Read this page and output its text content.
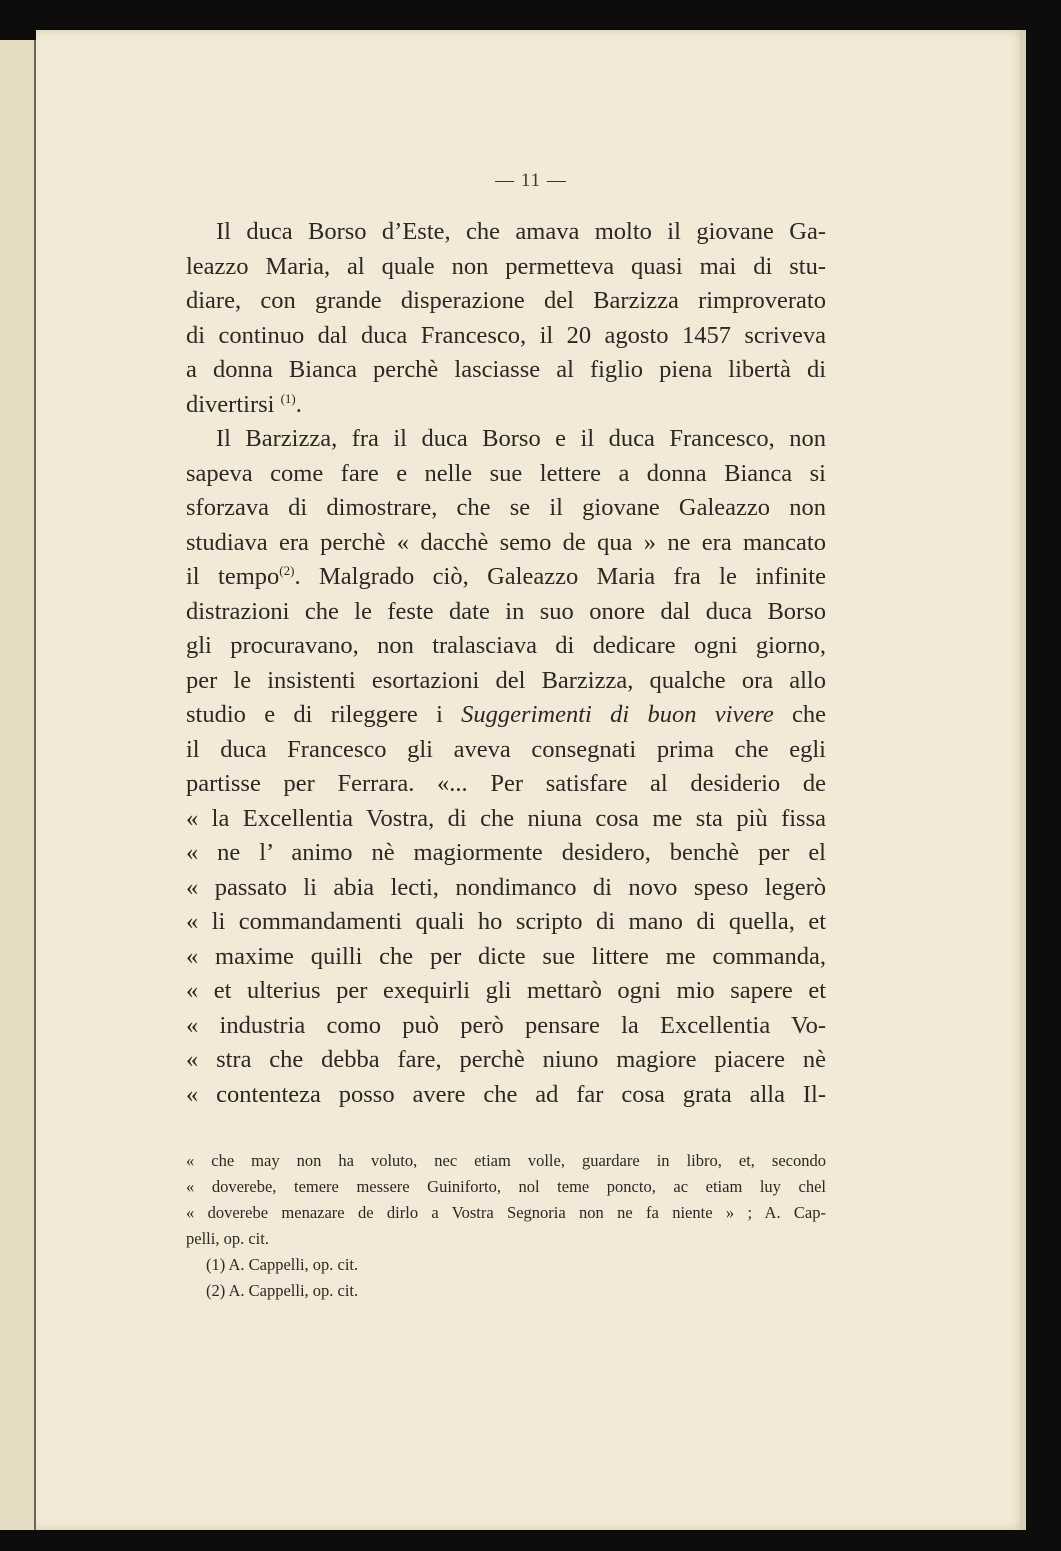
— 11 —
Il duca Borso d’Este, che amava molto il giovane Ga-
leazzo Maria, al quale non permetteva quasi mai di stu-
diare, con grande disperazione del Barzizza rimproverato
di continuo dal duca Francesco, il 20 agosto 1457 scriveva
a donna Bianca perchè lasciasse al figlio piena libertà di
divertirsi $^{(1)}$.
Il Barzizza, fra il duca Borso e il duca Francesco, non
sapeva come fare e nelle sue lettere a donna Bianca si
sforzava di dimostrare, che se il giovane Galeazzo non
studiava era perchè « dacchè semo de qua » ne era mancato
il tempo$^{(2)}$. Malgrado ciò, Galeazzo Maria fra le infinite
distrazioni che le feste date in suo onore dal duca Borso
gli procuravano, non tralasciava di dedicare ogni giorno,
per le insistenti esortazioni del Barzizza, qualche ora allo
studio e di rileggere i Suggerimenti di buon vivere che
il duca Francesco gli aveva consegnati prima che egli
partisse per Ferrara. «... Per satisfare al desiderio de
« la Excellentia Vostra, di che niuna cosa me sta più fissa
« ne l’ animo nè magiormente desidero, benchè per el
« passato li abia lecti, nondimanco di novo speso legerò
« li commandamenti quali ho scripto di mano di quella, et
« maxime quilli che per dicte sue littere me commanda,
« et ulterius per exequirli gli mettarò ogni mio sapere et
« industria como può però pensare la Excellentia Vo-
« stra che debba fare, perchè niuno magiore piacere nè
« contenteza posso avere che ad far cosa grata alla Il-
« che may non ha voluto, nec etiam volle, guardare in libro, et, secondo
« doverebe, temere messere Guiniforto, nol teme poncto, ac etiam luy chel
« doverebe menazare de dirlo a Vostra Segnoria non ne fa niente » ; A. Cap-
pelli, op. cit.
(1) A. Cappelli, op. cit.
(2) A. Cappelli, op. cit.
